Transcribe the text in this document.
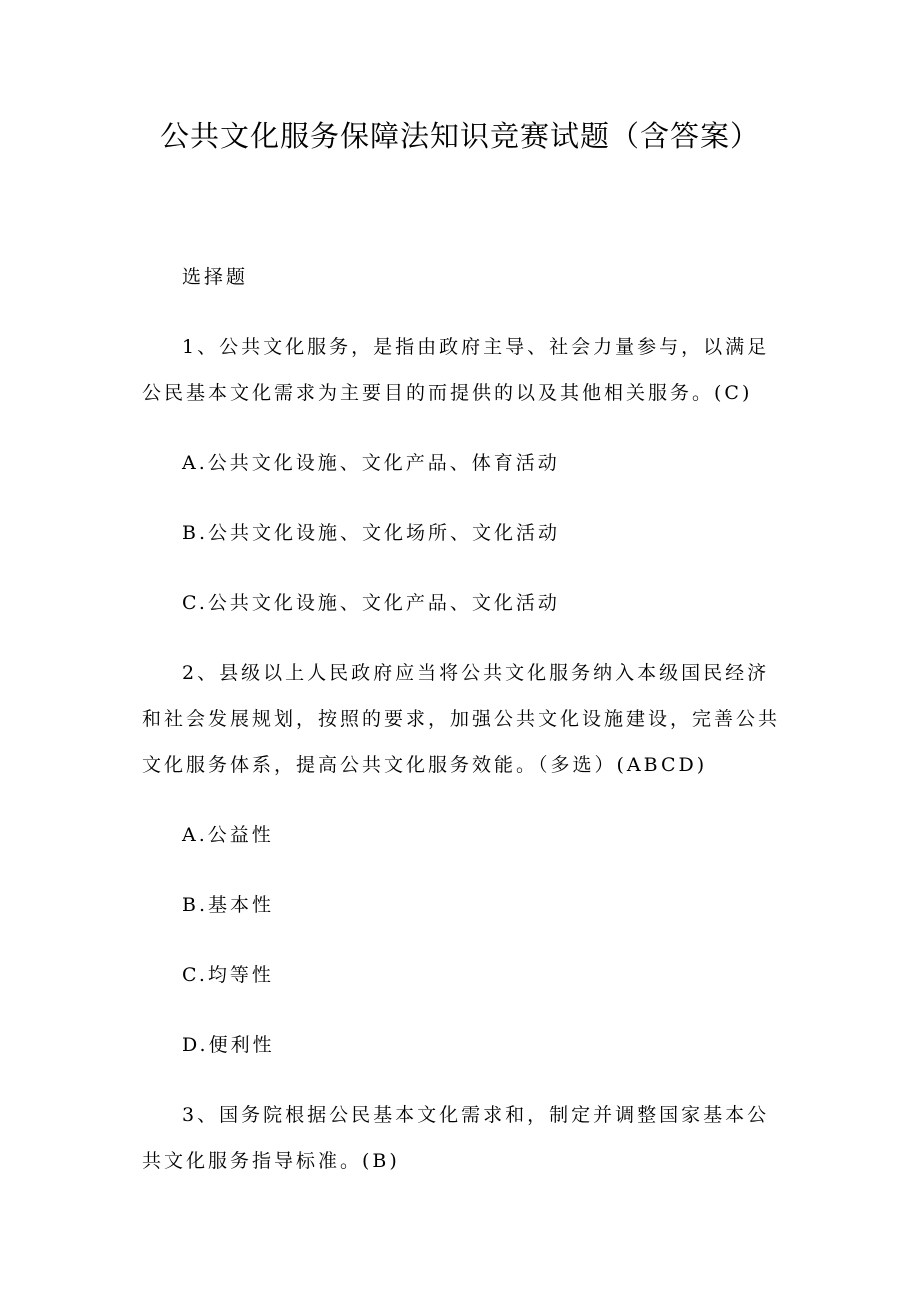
公共文化服务保障法知识竞赛试题（含答案）

选择题

1、公共文化服务，是指由政府主导、社会力量参与，以满足公民基本文化需求为主要目的而提供的以及其他相关服务。(C)

A.公共文化设施、文化产品、体育活动

B.公共文化设施、文化场所、文化活动

C.公共文化设施、文化产品、文化活动

2、县级以上人民政府应当将公共文化服务纳入本级国民经济和社会发展规划，按照的要求，加强公共文化设施建设，完善公共文化服务体系，提高公共文化服务效能。（多选）(ABCD)

A.公益性

B.基本性

C.均等性

D.便利性

3、国务院根据公民基本文化需求和，制定并调整国家基本公共文化服务指导标准。(B)
